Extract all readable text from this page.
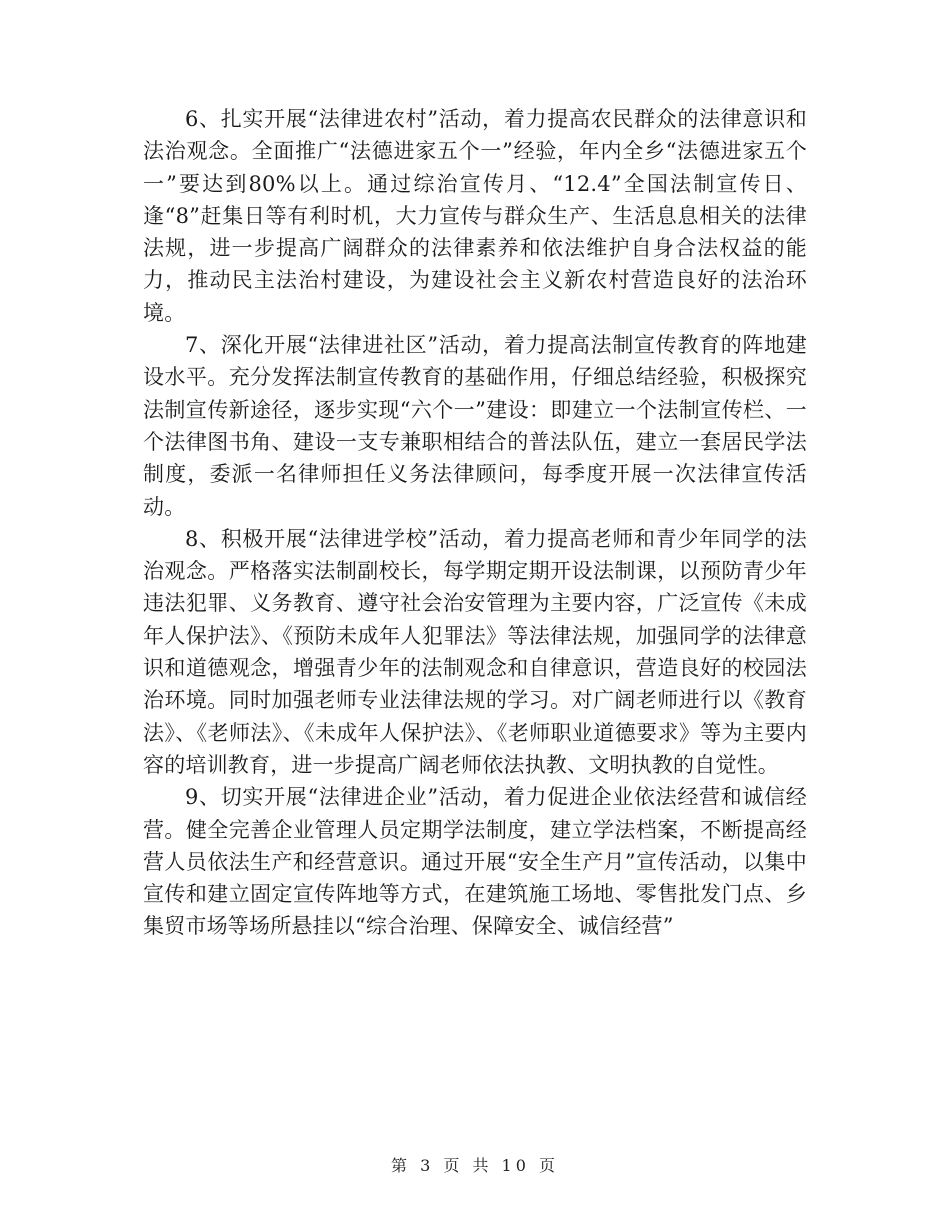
6、扎实开展“法律进农村”活动，着力提高农民群众的法律意识和法治观念。全面推广“法德进家五个一”经验，年内全乡“法德进家五个一”要达到80%以上。通过综治宣传月、“12.4”全国法制宣传日、逢“8”赶集日等有利时机，大力宣传与群众生产、生活息息相关的法律法规，进一步提高广阔群众的法律素养和依法维护自身合法权益的能力，推动民主法治村建设，为建设社会主义新农村营造良好的法治环境。

7、深化开展“法律进社区”活动，着力提高法制宣传教育的阵地建设水平。充分发挥法制宣传教育的基础作用，仔细总结经验，积极探究法制宣传新途径，逐步实现“六个一”建设：即建立一个法制宣传栏、一个法律图书角、建设一支专兼职相结合的普法队伍，建立一套居民学法制度，委派一名律师担任义务法律顾问，每季度开展一次法律宣传活动。

8、积极开展“法律进学校”活动，着力提高老师和青少年同学的法治观念。严格落实法制副校长，每学期定期开设法制课，以预防青少年违法犯罪、义务教育、遵守社会治安管理为主要内容，广泛宣传《未成年人保护法》、《预防未成年人犯罪法》等法律法规，加强同学的法律意识和道德观念，增强青少年的法制观念和自律意识，营造良好的校园法治环境。同时加强老师专业法律法规的学习。对广阔老师进行以《教育法》、《老师法》、《未成年人保护法》、《老师职业道德要求》等为主要内容的培训教育，进一步提高广阔老师依法执教、文明执教的自觉性。

9、切实开展“法律进企业”活动，着力促进企业依法经营和诚信经营。健全完善企业管理人员定期学法制度，建立学法档案，不断提高经营人员依法生产和经营意识。通过开展“安全生产月”宣传活动，以集中宣传和建立固定宣传阵地等方式，在建筑施工场地、零售批发门点、乡集贸市场等场所悬挂以“综合治理、保障安全、诚信经营”

第 3 页 共 10 页
